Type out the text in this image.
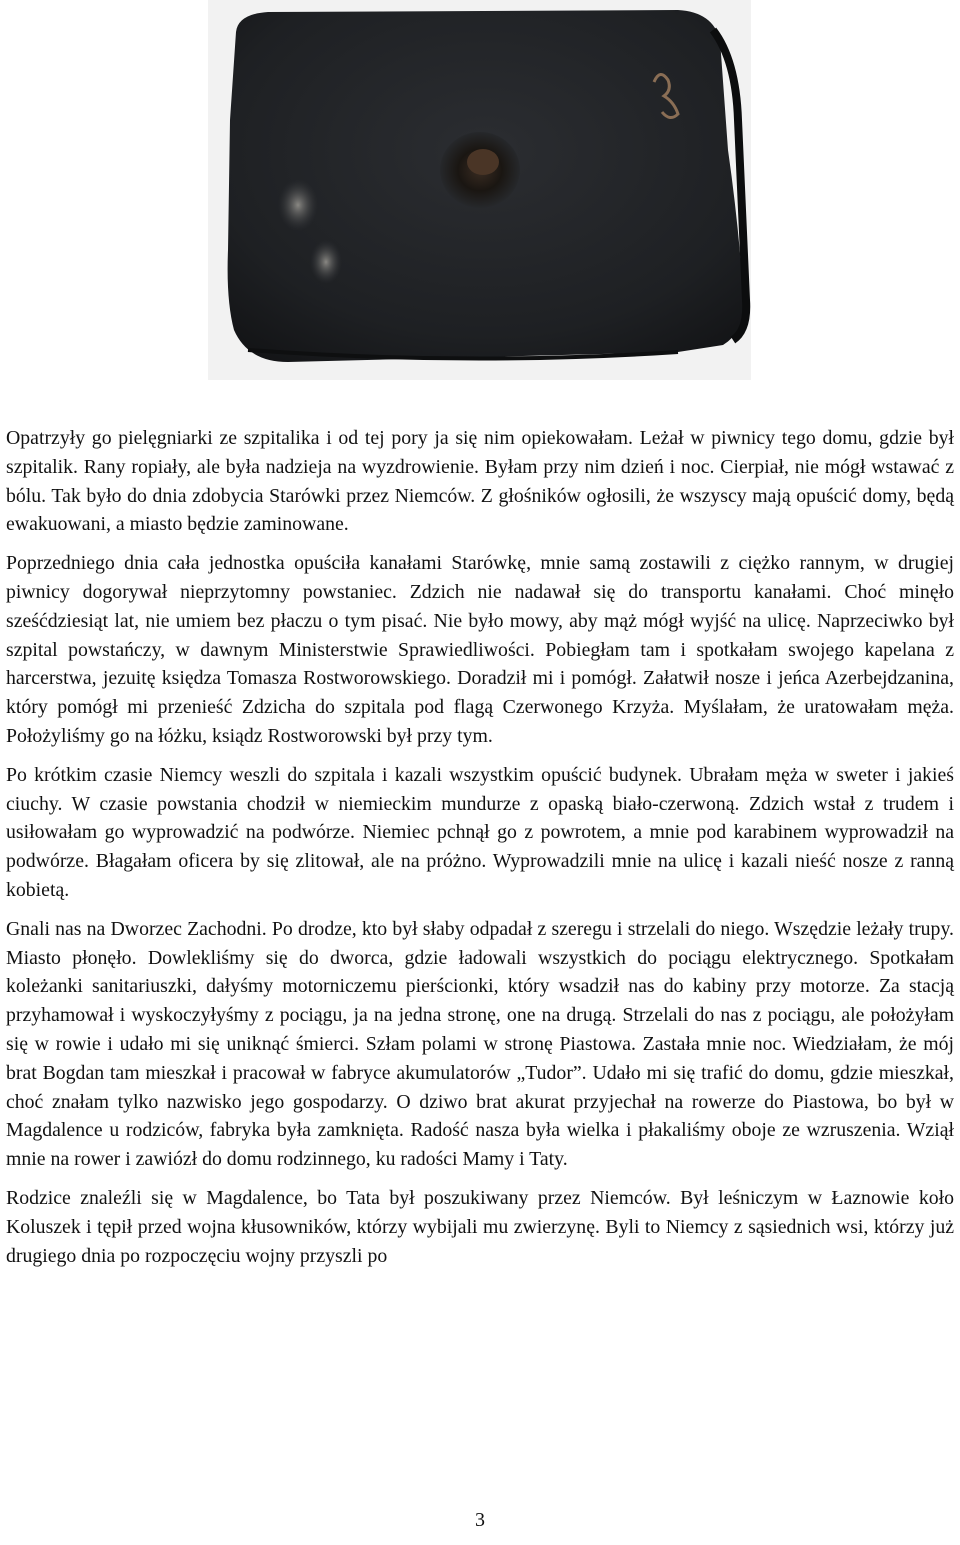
Opatrzyły go pielęgniarki ze szpitalika i od tej pory ja się nim opiekowałam. Leżał w piwnicy tego domu, gdzie był szpitalik. Rany ropiały, ale była nadzieja na wyzdrowienie. Byłam przy nim dzień i noc. Cierpiał, nie mógł wstawać z bólu. Tak było do dnia zdobycia Starówki przez Niemców. Z głośników ogłosili, że wszyscy mają opuścić domy, będą ewakuowani, a miasto będzie zaminowane.

Poprzedniego dnia cała jednostka opuściła kanałami Starówkę, mnie samą zostawili z ciężko rannym, w drugiej piwnicy dogorywał nieprzytomny powstaniec. Zdzich nie nadawał się do transportu kanałami. Choć minęło sześćdziesiąt lat, nie umiem bez płaczu o tym pisać. Nie było mowy, aby mąż mógł wyjść na ulicę. Naprzeciwko był szpital powstańczy, w dawnym Ministerstwie Sprawiedliwości. Pobiegłam tam i spotkałam swojego kapelana z harcerstwa, jezuitę księdza Tomasza Rostworowskiego. Doradził mi i pomógł. Załatwił nosze i jeńca Azerbejdzanina, który pomógł mi przenieść Zdzicha do szpitala pod flagą Czerwonego Krzyża. Myślałam, że uratowałam męża. Położyliśmy go na łóżku, ksiądz Rostworowski był przy tym.

Po krótkim czasie Niemcy weszli do szpitala i kazali wszystkim opuścić budynek. Ubrałam męża w sweter i jakieś ciuchy. W czasie powstania chodził w niemieckim mundurze z opaską biało-czerwoną. Zdzich wstał z trudem i usiłowałam go wyprowadzić na podwórze. Niemiec pchnął go z powrotem, a mnie pod karabinem wyprowadził na podwórze. Błagałam oficera by się zlitował, ale na próżno. Wyprowadzili mnie na ulicę i kazali nieść nosze z ranną kobietą.

Gnali nas na Dworzec Zachodni. Po drodze, kto był słaby odpadał z szeregu i strzelali do niego. Wszędzie leżały trupy. Miasto płonęło. Dowlekliśmy się do dworca, gdzie ładowali wszystkich do pociągu elektrycznego. Spotkałam koleżanki sanitariuszki, dałyśmy motorniczemu pierścionki, który wsadził nas do kabiny przy motorze. Za stacją przyhamował i wyskoczyłyśmy z pociągu, ja na jedna stronę, one na drugą. Strzelali do nas z pociągu, ale położyłam się w rowie i udało mi się uniknąć śmierci. Szłam polami w stronę Piastowa. Zastała mnie noc. Wiedziałam, że mój brat Bogdan tam mieszkał i pracował w fabryce akumulatorów „Tudor”. Udało mi się trafić do domu, gdzie mieszkał, choć znałam tylko nazwisko jego gospodarzy. O dziwo brat akurat przyjechał na rowerze do Piastowa, bo był w Magdalence u rodziców, fabryka była zamknięta. Radość nasza była wielka i płakaliśmy oboje ze wzruszenia. Wziął mnie na rower i zawiózł do domu rodzinnego, ku radości Mamy i Taty.

Rodzice znaleźli się w Magdalence, bo Tata był poszukiwany przez Niemców. Był leśniczym w Łaznowie koło Koluszek i tępił przed wojna kłusowników, którzy wybijali mu zwierzynę. Byli to Niemcy z sąsiednich wsi, którzy już drugiego dnia po rozpoczęciu wojny przyszli po

3
